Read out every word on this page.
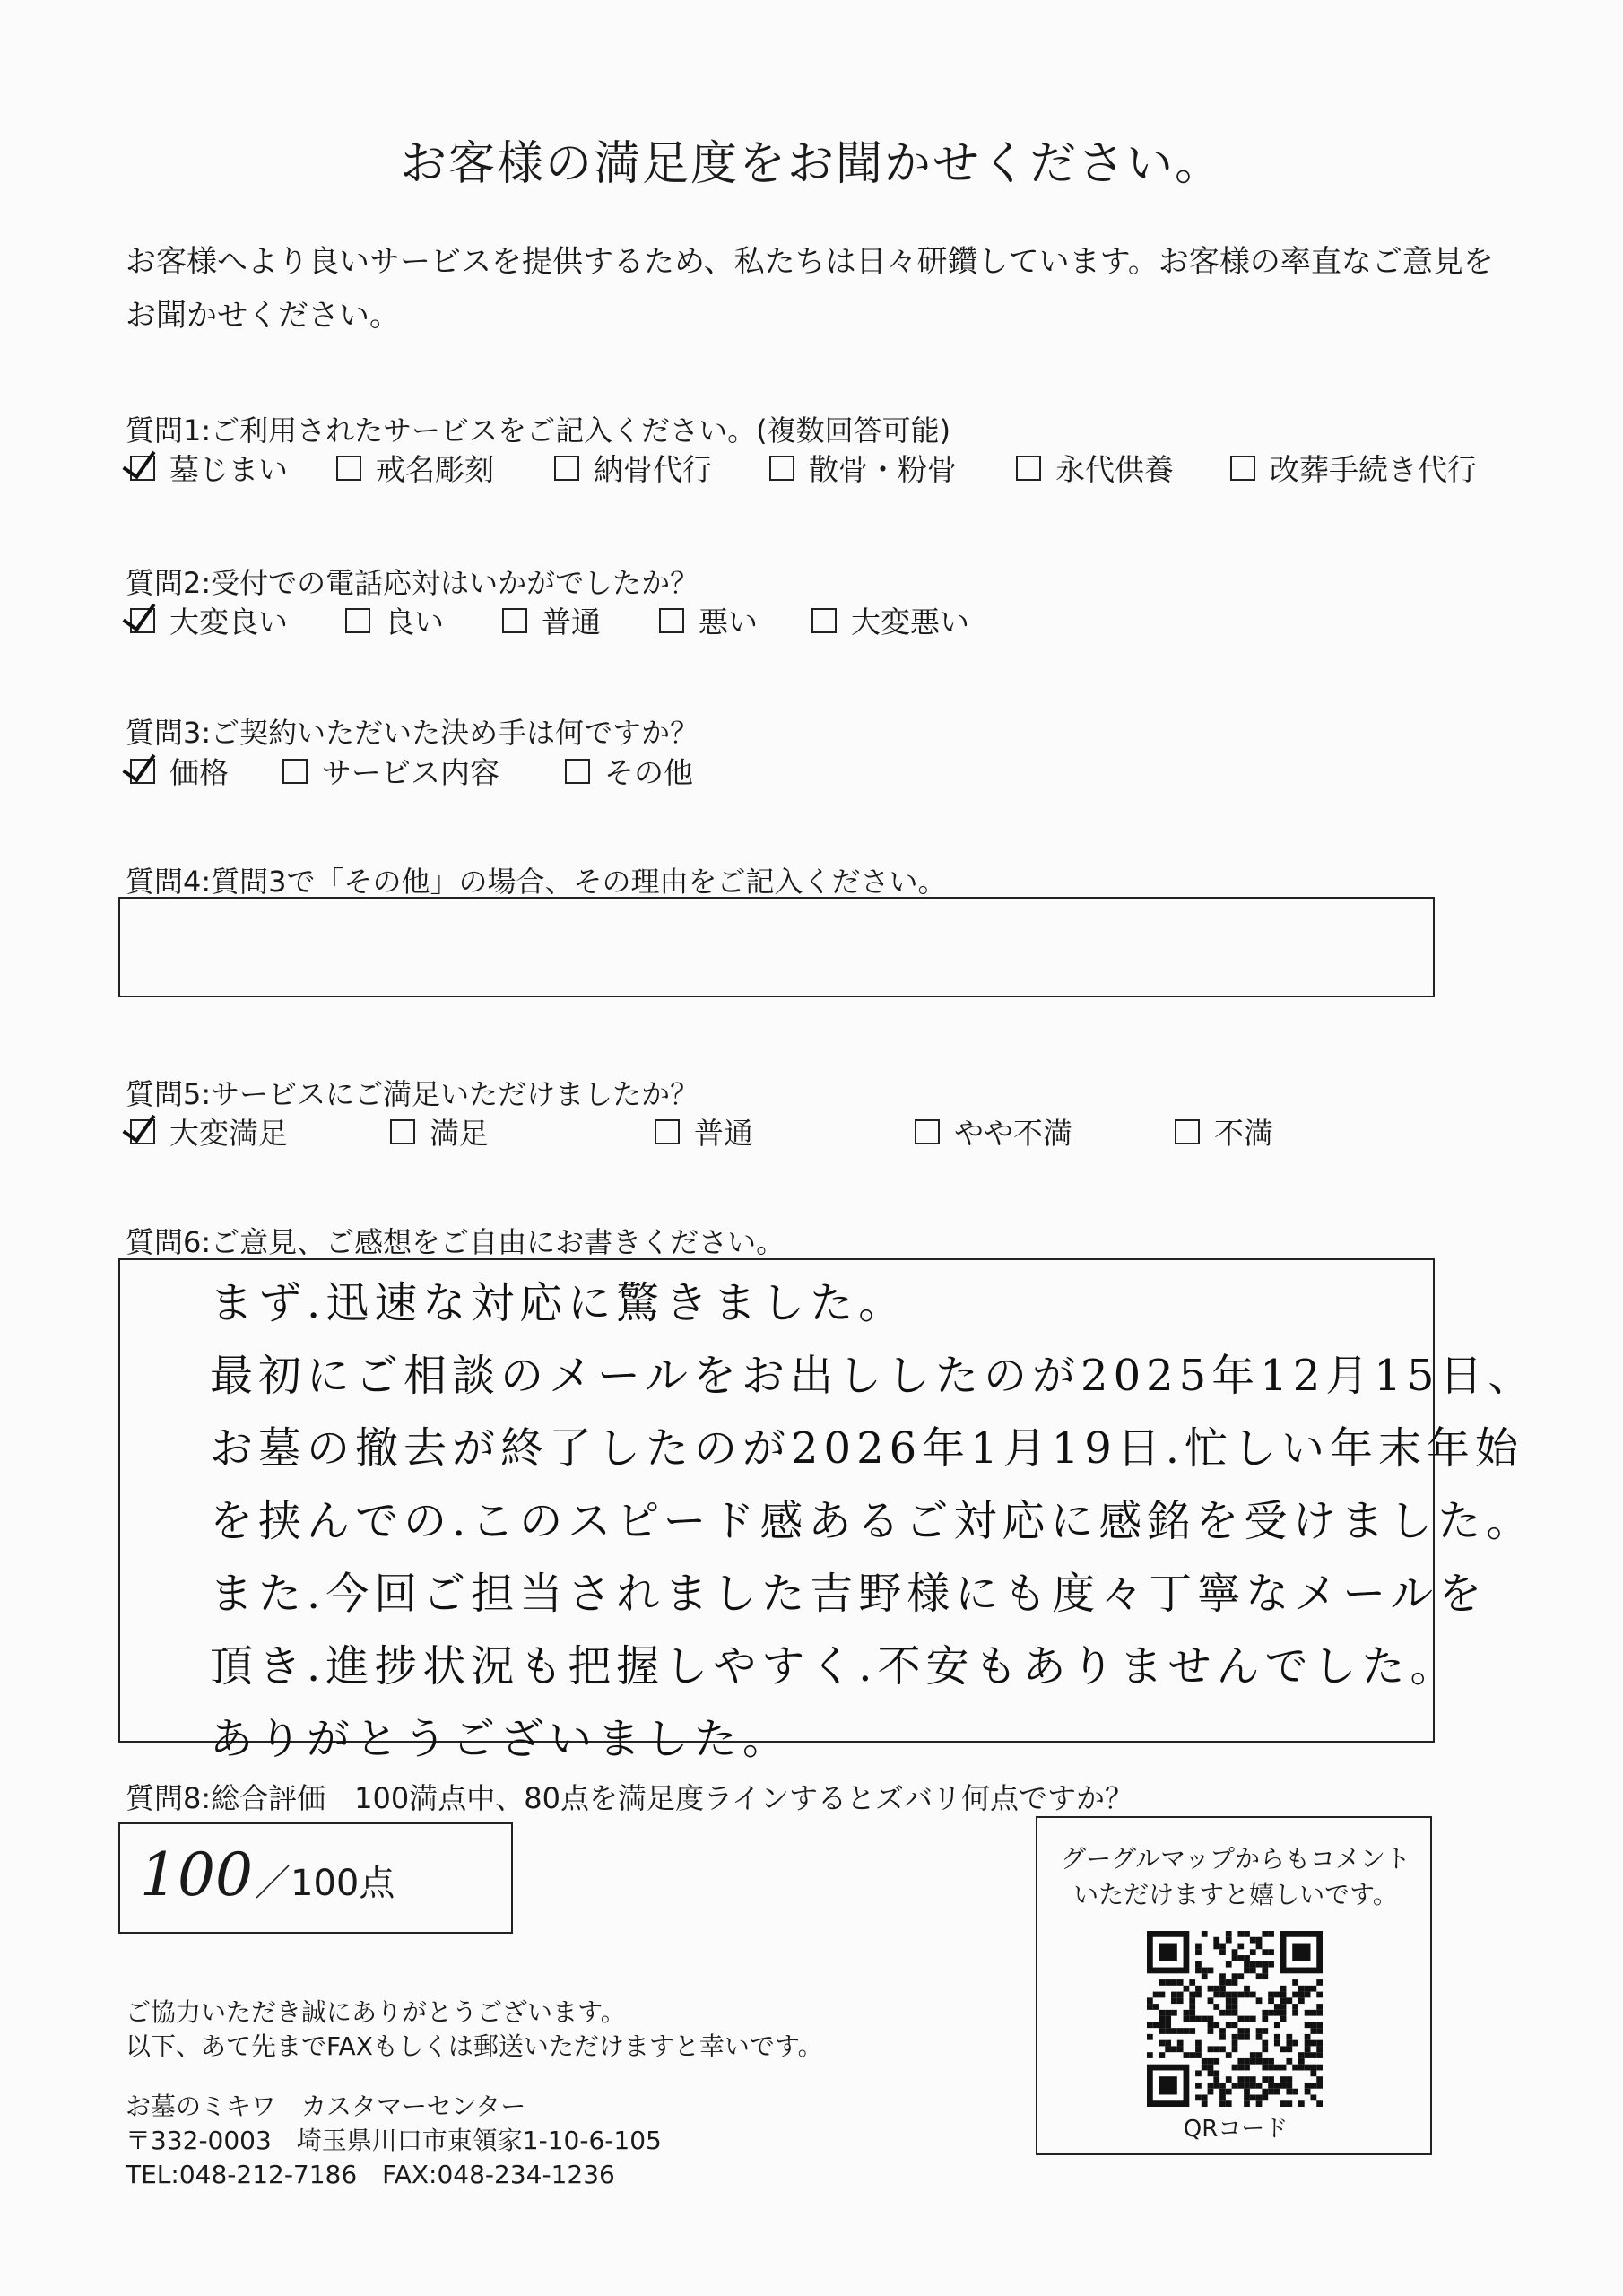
お客様の満足度をお聞かせください。
お客様へより良いサービスを提供するため、私たちは日々研鑽しています。お客様の率直なご意見をお聞かせください。
質問1:ご利用されたサービスをご記入ください。(複数回答可能)
墓じまい	戒名彫刻	納骨代行	散骨・粉骨	永代供養	改葬手続き代行
質問2:受付での電話応対はいかがでしたか？
大変良い	良い	普通	悪い	大変悪い
質問3:ご契約いただいた決め手は何ですか？
価格	サービス内容	その他
質問4:質問3で「その他」の場合、その理由をご記入ください。
質問5:サービスにご満足いただけましたか？
大変満足	満足	普通	やや不満	不満
質問6:ご意見、ご感想をご自由にお書きください。
まず.迅速な対応に驚きました。
最初にご相談のメールをお出ししたのが2025年12月15日、
お墓の撤去が終了したのが2026年1月19日.忙しい年末年始
を挟んでの.このスピード感あるご対応に感銘を受けました。
また.今回ご担当されました吉野様にも度々丁寧なメールを
頂き.進捗状況も把握しやすく.不安もありませんでした。
ありがとうございました。
質問8:総合評価　100満点中、80点を満足度ラインするとズバリ何点ですか？
100 ／100点
グーグルマップからもコメント
いただけますと嬉しいです。
QRコード
ご協力いただき誠にありがとうございます。
以下、あて先までFAXもしくは郵送いただけますと幸いです。
お墓のミキワ　カスタマーセンター
〒332-0003　埼玉県川口市東領家1-10-6-105
TEL:048-212-7186　FAX:048-234-1236
